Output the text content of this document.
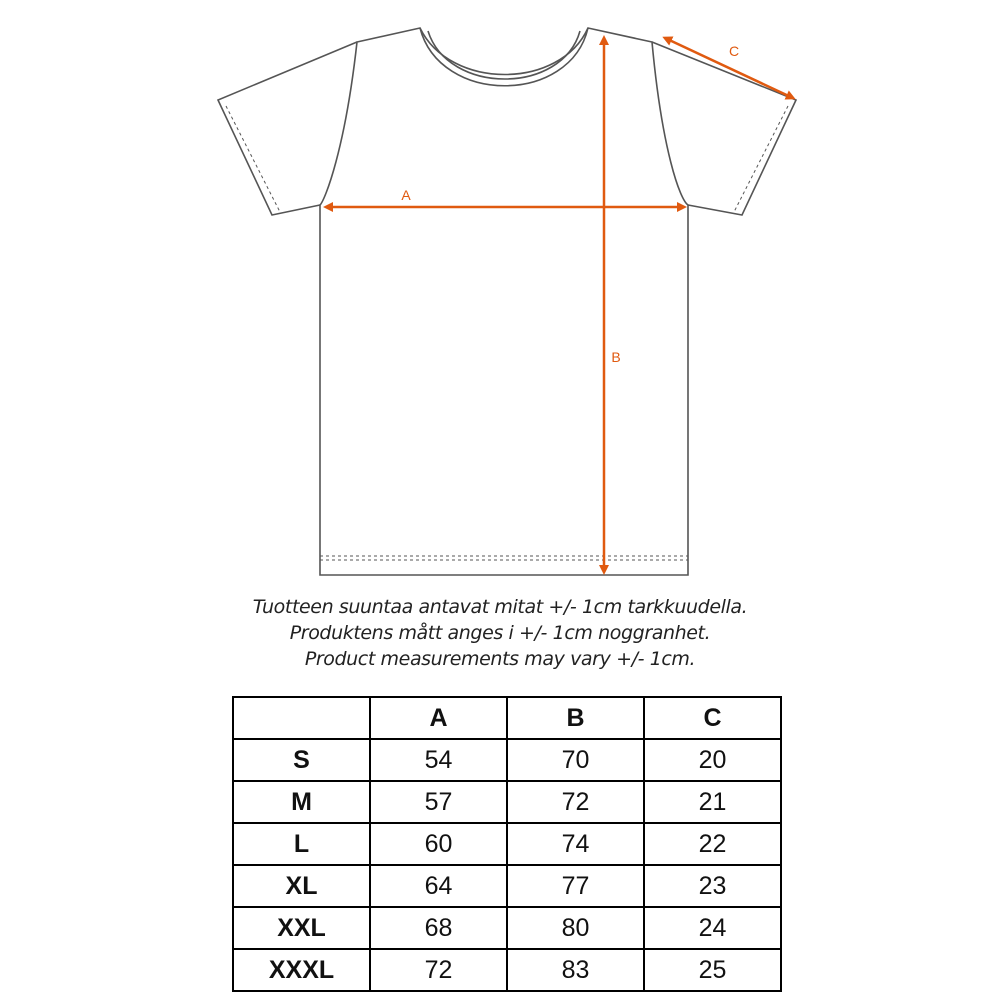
A
B
C
Tuotteen suuntaa antavat mitat +/- 1cm tarkkuudella.
Produktens mått anges i +/- 1cm noggranhet.
Product measurements may vary +/- 1cm.
	A	B	C
S	54	70	20
M	57	72	21
L	60	74	22
XL	64	77	23
XXL	68	80	24
XXXL	72	83	25
